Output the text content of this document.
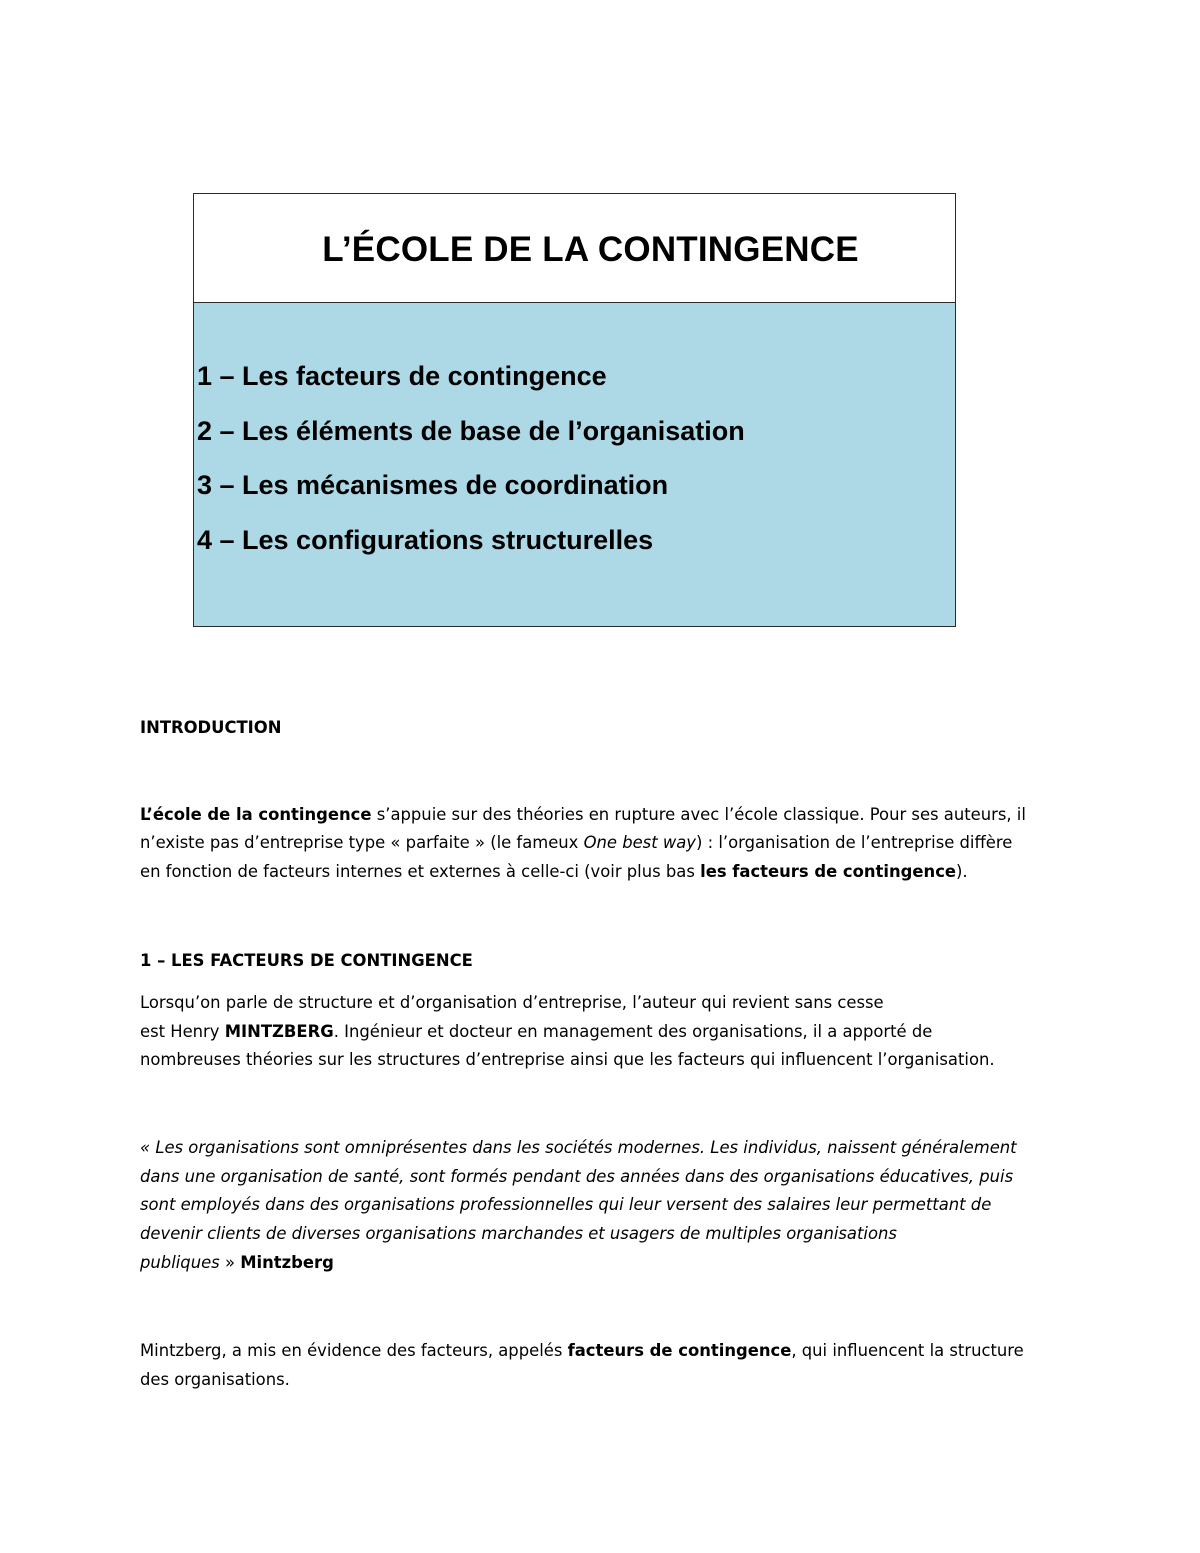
L’ÉCOLE DE LA CONTINGENCE
1 – Les facteurs de contingence
2 – Les éléments de base de l’organisation
3 – Les mécanismes de coordination
4 – Les configurations structurelles
INTRODUCTION
L’école de la contingence s’appuie sur des théories en rupture avec l’école classique. Pour ses auteurs, il
n’existe pas d’entreprise type « parfaite » (le fameux One best way) : l’organisation de l’entreprise diffère
en fonction de facteurs internes et externes à celle-ci (voir plus bas les facteurs de contingence).
1 – LES FACTEURS DE CONTINGENCE
Lorsqu’on parle de structure et d’organisation d’entreprise, l’auteur qui revient sans cesse
est Henry MINTZBERG. Ingénieur et docteur en management des organisations, il a apporté de
nombreuses théories sur les structures d’entreprise ainsi que les facteurs qui influencent l’organisation.
« Les organisations sont omniprésentes dans les sociétés modernes. Les individus, naissent généralement
dans une organisation de santé, sont formés pendant des années dans des organisations éducatives, puis
sont employés dans des organisations professionnelles qui leur versent des salaires leur permettant de
devenir clients de diverses organisations marchandes et usagers de multiples organisations
publiques » Mintzberg
Mintzberg, a mis en évidence des facteurs, appelés facteurs de contingence, qui influencent la structure
des organisations.
